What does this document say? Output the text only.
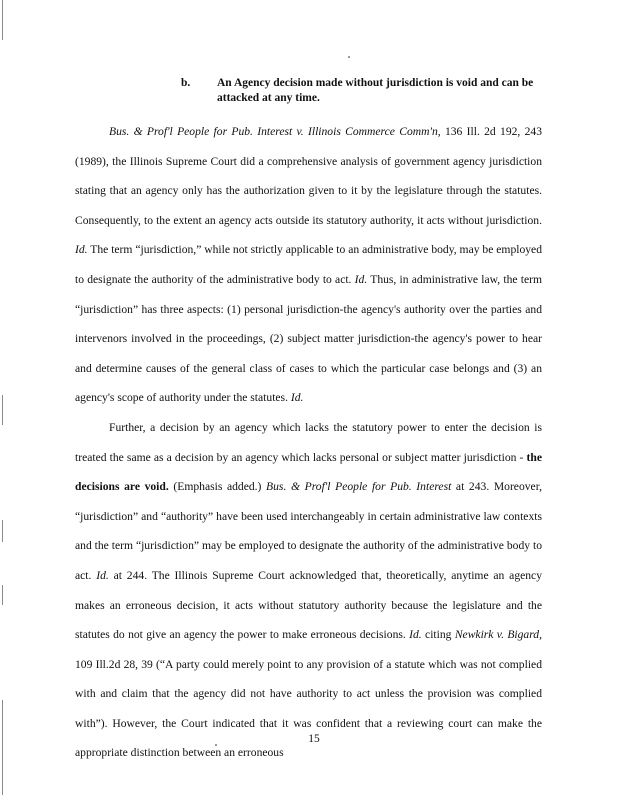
b. An Agency decision made without jurisdiction is void and can be attacked at any time.

Bus. & Prof'l People for Pub. Interest v. Illinois Commerce Comm'n, 136 Ill. 2d 192, 243 (1989), the Illinois Supreme Court did a comprehensive analysis of government agency jurisdiction stating that an agency only has the authorization given to it by the legislature through the statutes. Consequently, to the extent an agency acts outside its statutory authority, it acts without jurisdiction. Id. The term “jurisdiction,” while not strictly applicable to an administrative body, may be employed to designate the authority of the administrative body to act. Id. Thus, in administrative law, the term “jurisdiction” has three aspects: (1) personal jurisdiction-the agency's authority over the parties and intervenors involved in the proceedings, (2) subject matter jurisdiction-the agency's power to hear and determine causes of the general class of cases to which the particular case belongs and (3) an agency's scope of authority under the statutes. Id.

Further, a decision by an agency which lacks the statutory power to enter the decision is treated the same as a decision by an agency which lacks personal or subject matter jurisdiction - the decisions are void. (Emphasis added.) Bus. & Prof'l People for Pub. Interest at 243. Moreover, “jurisdiction” and “authority” have been used interchangeably in certain administrative law contexts and the term “jurisdiction” may be employed to designate the authority of the administrative body to act. Id. at 244. The Illinois Supreme Court acknowledged that, theoretically, anytime an agency makes an erroneous decision, it acts without statutory authority because the legislature and the statutes do not give an agency the power to make erroneous decisions. Id. citing Newkirk v. Bigard, 109 Ill.2d 28, 39 (“A party could merely point to any provision of a statute which was not complied with and claim that the agency did not have authority to act unless the provision was complied with”). However, the Court indicated that it was confident that a reviewing court can make the appropriate distinction between an erroneous

15
